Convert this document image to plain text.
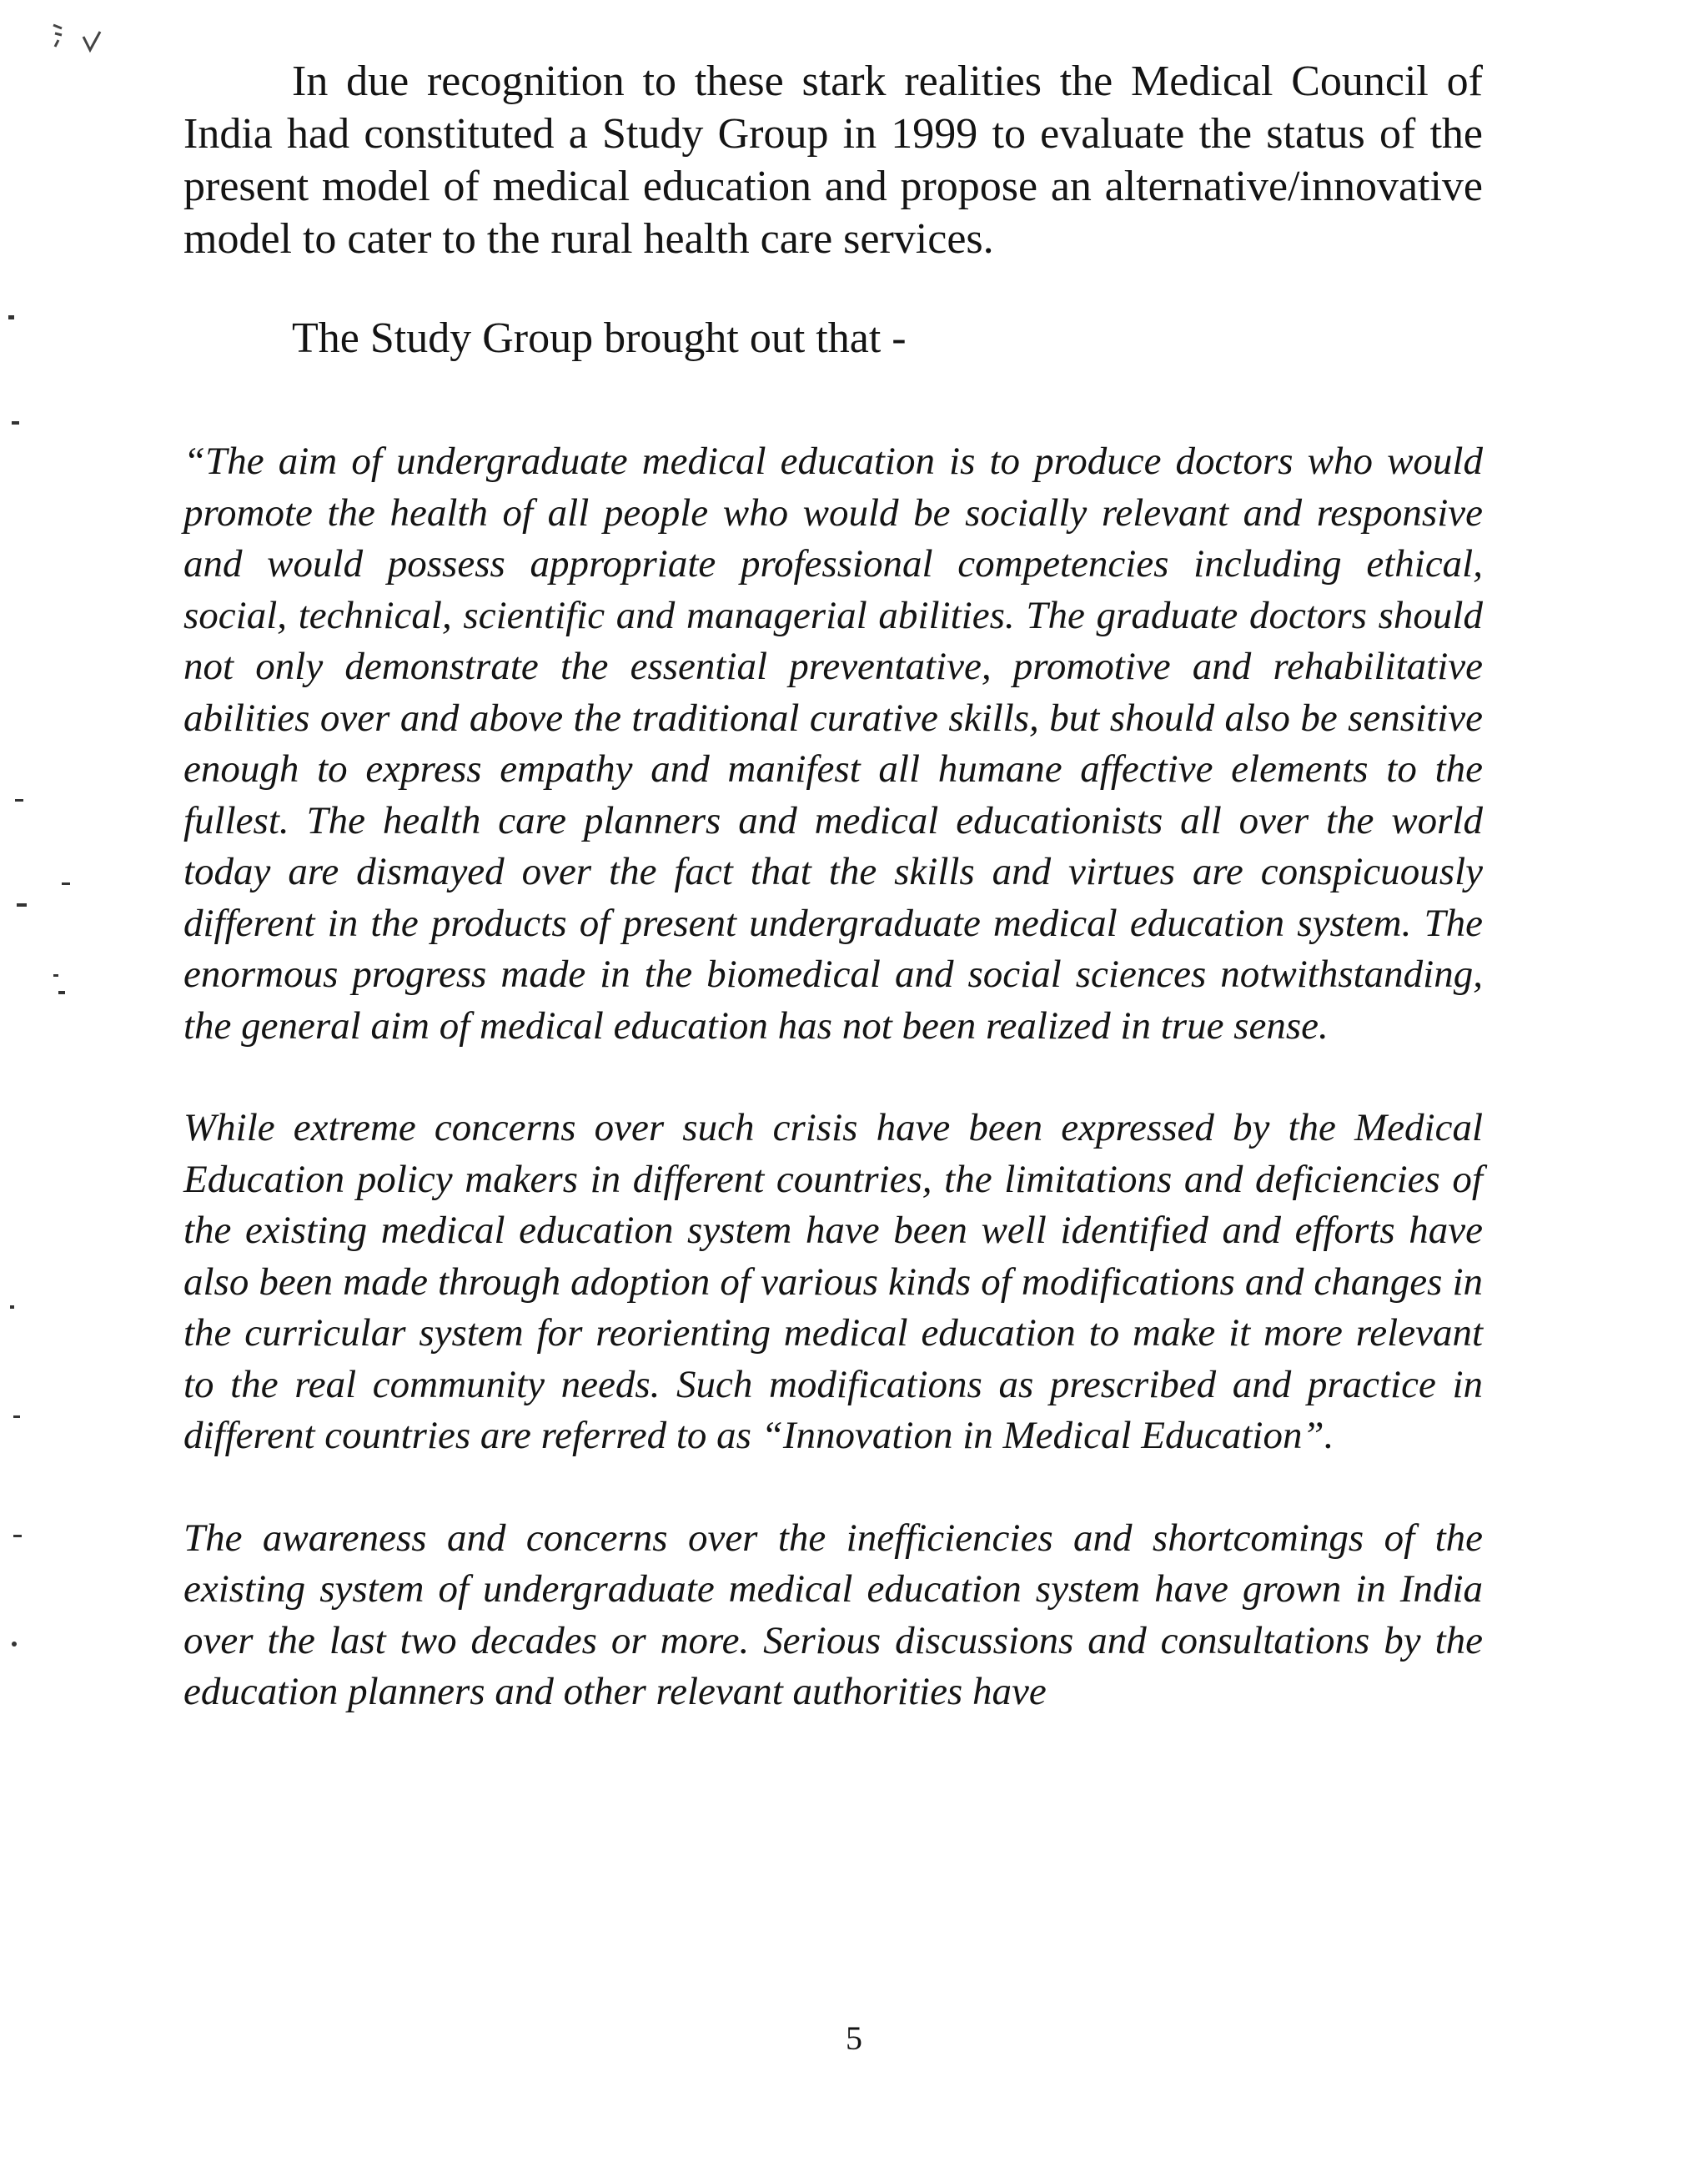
In due recognition to these stark realities the Medical Council of India had constituted a Study Group in 1999 to evaluate the status of the present model of medical education and propose an alternative/innovative model to cater to the rural health care services.

The Study Group brought out that -

“The aim of undergraduate medical education is to produce doctors who would promote the health of all people who would be socially relevant and responsive and would possess appropriate professional competencies including ethical, social, technical, scientific and managerial abilities. The graduate doctors should not only demonstrate the essential preventative, promotive and rehabilitative abilities over and above the traditional curative skills, but should also be sensitive enough to express empathy and manifest all humane affective elements to the fullest. The health care planners and medical educationists all over the world today are dismayed over the fact that the skills and virtues are conspicuously different in the products of present undergraduate medical education system. The enormous progress made in the biomedical and social sciences notwithstanding, the general aim of medical education has not been realized in true sense.

While extreme concerns over such crisis have been expressed by the Medical Education policy makers in different countries, the limitations and deficiencies of the existing medical education system have been well identified and efforts have also been made through adoption of various kinds of modifications and changes in the curricular system for reorienting medical education to make it more relevant to the real community needs. Such modifications as prescribed and practice in different countries are referred to as “Innovation in Medical Education”.

The awareness and concerns over the inefficiencies and shortcomings of the existing system of undergraduate medical education system have grown in India over the last two decades or more. Serious discussions and consultations by the education planners and other relevant authorities have

5
